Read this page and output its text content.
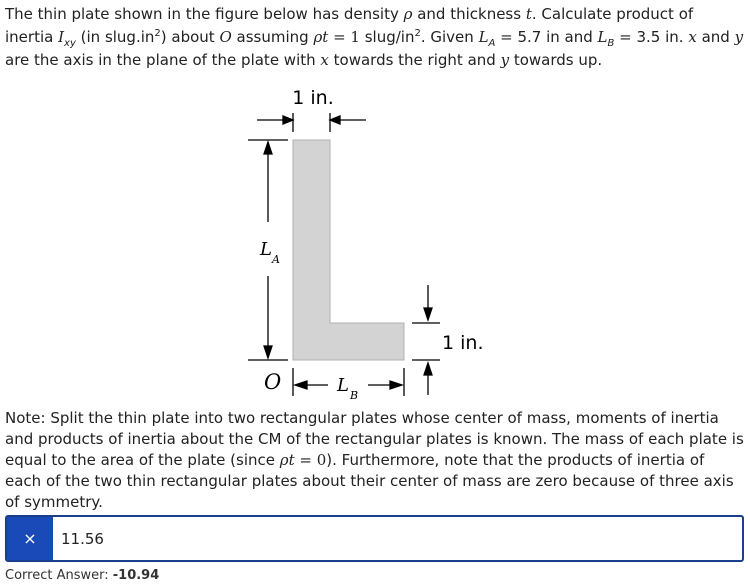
The thin plate shown in the figure below has density ρ and thickness t. Calculate product of inertia $I_{xy}$ (in $slug.in^2$) about O assuming ρt = 1 slug/$in^2$. Given $L_A = 5.7$ in and $L_B = 3.5$ in. x and y are the axis in the plane of the plate with x towards the right and y towards up.

1 in.
L A
1 in.
O	L B

Note: Split the thin plate into two rectangular plates whose center of mass, moments of inertia and products of inertia about the CM of the rectangular plates is known. The mass of each plate is equal to the area of the plate (since ρt = 0). Furthermore, note that the products of inertia of each of the two thin rectangular plates about their center of mass are zero because of three axis of symmetry.

×	11.56
Correct Answer: -10.94
